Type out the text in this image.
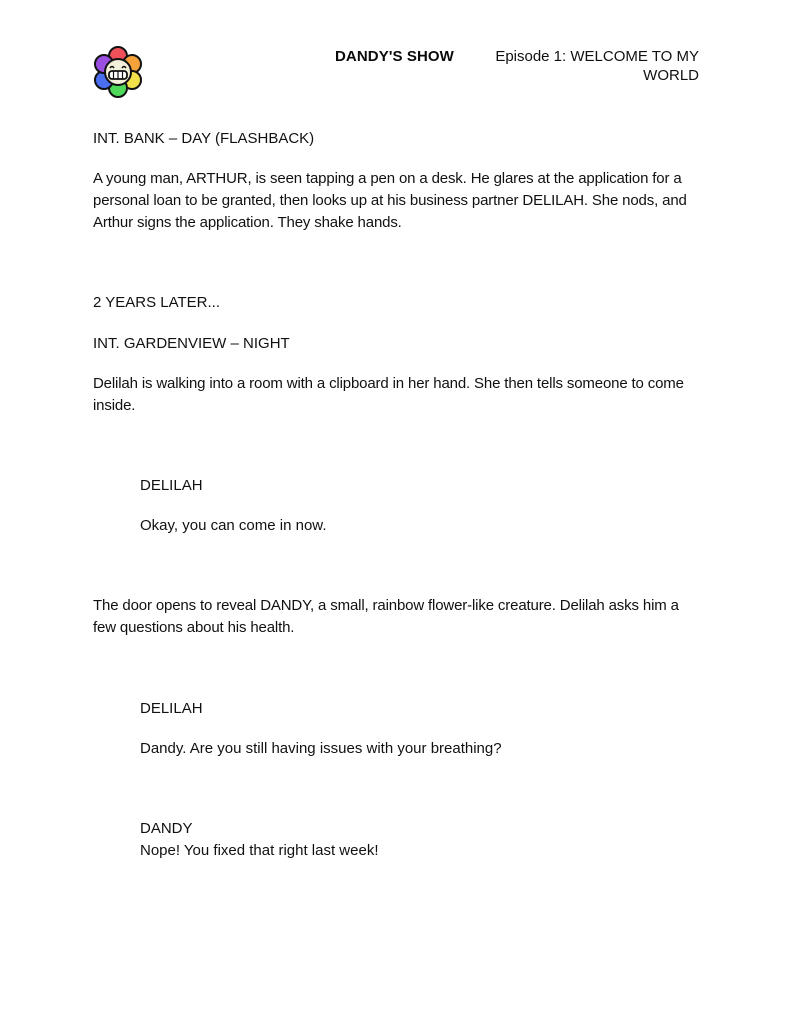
DANDY'S SHOW	Episode 1: WELCOME TO MY
WORLD
INT. BANK – DAY (FLASHBACK)
A young man, ARTHUR, is seen tapping a pen on a desk. He glares at the application for a
personal loan to be granted, then looks up at his business partner DELILAH. She nods, and
Arthur signs the application. They shake hands.
2 YEARS LATER...
INT. GARDENVIEW – NIGHT
Delilah is walking into a room with a clipboard in her hand. She then tells someone to come
inside.
DELILAH
Okay, you can come in now.
The door opens to reveal DANDY, a small, rainbow flower-like creature. Delilah asks him a
few questions about his health.
DELILAH
Dandy. Are you still having issues with your breathing?
DANDY
Nope! You fixed that right last week!
